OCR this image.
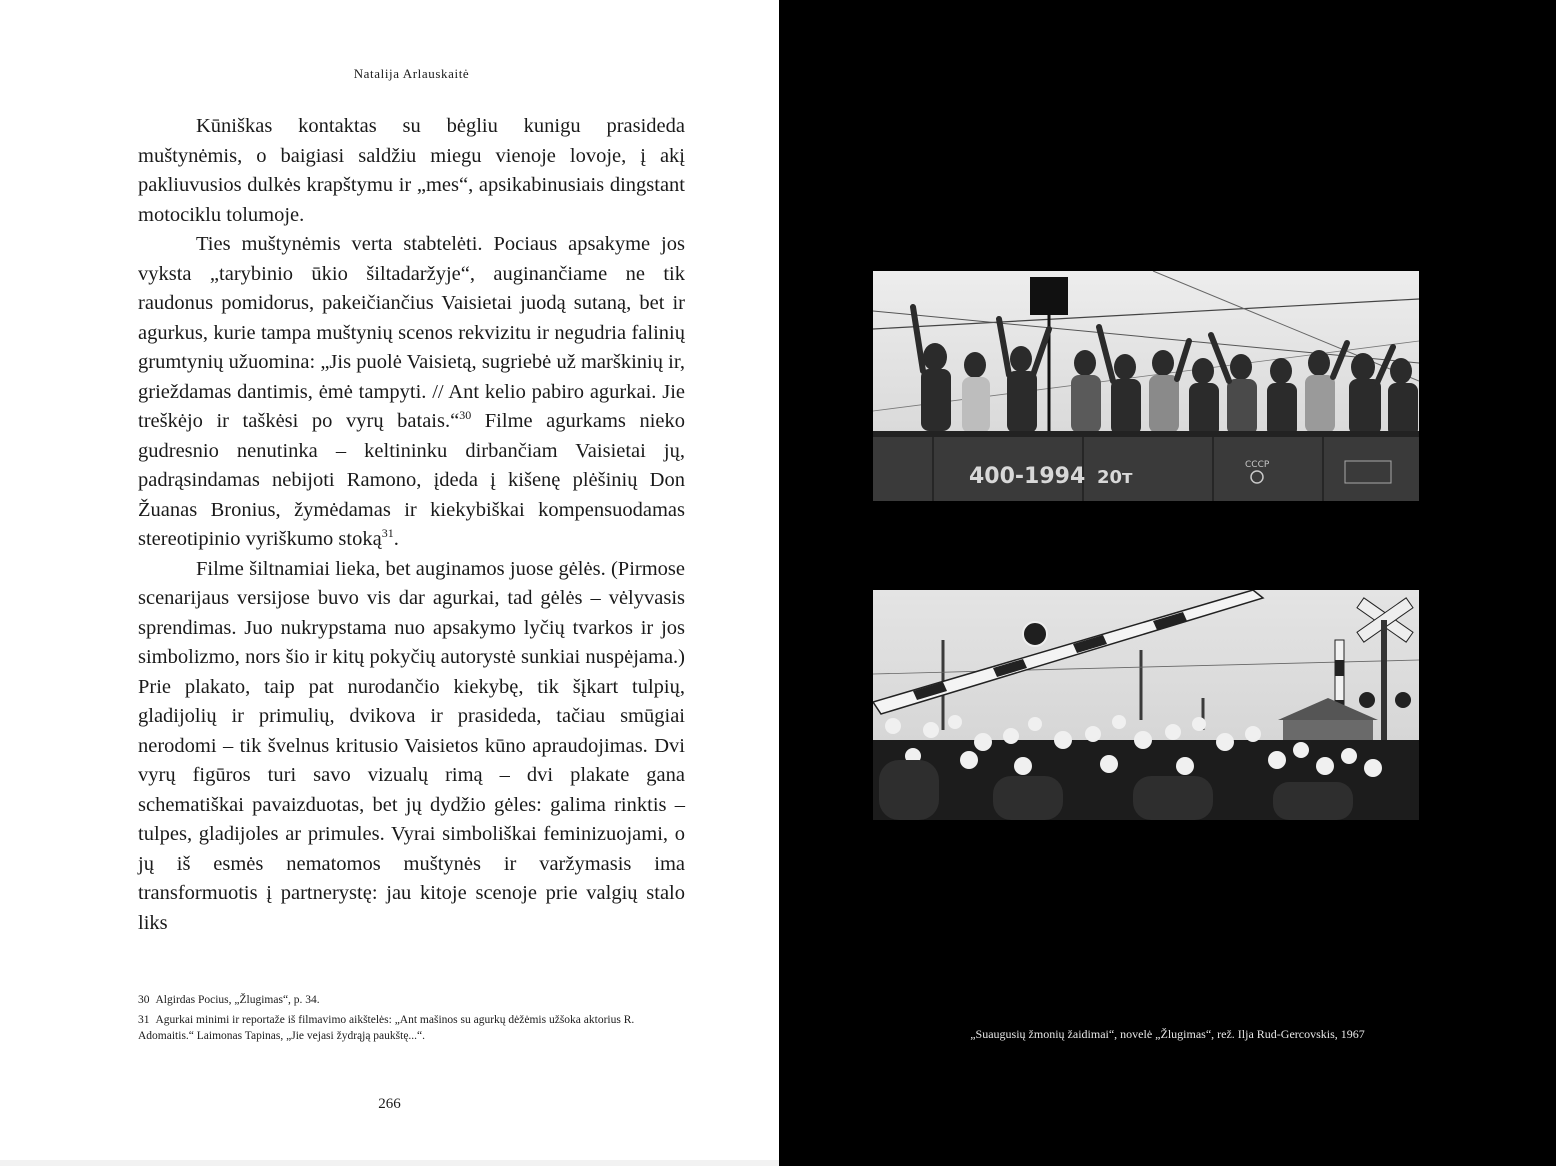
Natalija Arlauskaitė

Kūniškas kontaktas su bėgliu kunigu prasideda muštynėmis, o baigiasi saldžiu miegu vienoje lovoje, į akį pakliuvusios dulkės krapštymu ir „mes“, apsikabinusiais dingstant motociklu tolumoje.

Ties muštynėmis verta stabtelėti. Pociaus apsakyme jos vyksta „tarybinio ūkio šiltadaržyje“, auginančiame ne tik raudonus pomidorus, pakeičiančius Vaisietai juodą sutaną, bet ir agurkus, kurie tampa muštynių scenos rekvizitu ir negudria falinių grumtynių užuomina: „Jis puolė Vaisietą, sugriebė už marškinių ir, grieždamas dantimis, ėmė tampyti. // Ant kelio pabiro agurkai. Jie treškėjo ir taškėsi po vyrų batais.“$^{30}$ Filme agurkams nieko gudresnio nenutinka – keltininku dirbančiam Vaisietai jų, padrąsindamas nebijoti Ramono, įdeda į kišenę plėšinių Don Žuanas Bronius, žymėdamas ir kiekybiškai kompensuodamas stereotipinio vyriškumo stoką$^{31}$.

Filme šiltnamiai lieka, bet auginamos juose gėlės. (Pirmose scenarijaus versijose buvo vis dar agurkai, tad gėlės – vėlyvasis sprendimas. Juo nukrypstama nuo apsakymo lyčių tvarkos ir jos simbolizmo, nors šio ir kitų pokyčių autorystė sunkiai nuspėjama.) Prie plakato, taip pat nurodančio kiekybę, tik šįkart tulpių, gladijolių ir primulių, dvikova ir prasideda, tačiau smūgiai nerodomi – tik švelnus kritusio Vaisietos kūno apraudojimas. Dvi vyrų figūros turi savo vizualų rimą – dvi plakate gana schematiškai pavaizduotas, bet jų dydžio gėles: galima rinktis – tulpes, gladijoles ar primules. Vyrai simboliškai feminizuojami, o jų iš esmės nematomos muštynės ir varžymasis ima transformuotis į partnerystę: jau kitoje scenoje prie valgių stalo liks

30 Algirdas Pocius, „Žlugimas“, p. 34.

31 Agurkai minimi ir reportaže iš filmavimo aikštelės: „Ant mašinos su agurkų dėžėmis užšoka aktorius R. Adomaitis.“ Laimonas Tapinas, „Jie vejasi žydrąją paukštę...“.

266
400-1994 20т
CCCP
„Suaugusių žmonių žaidimai“, novelė „Žlugimas“, rež. Ilja Rud-Gercovskis, 1967
